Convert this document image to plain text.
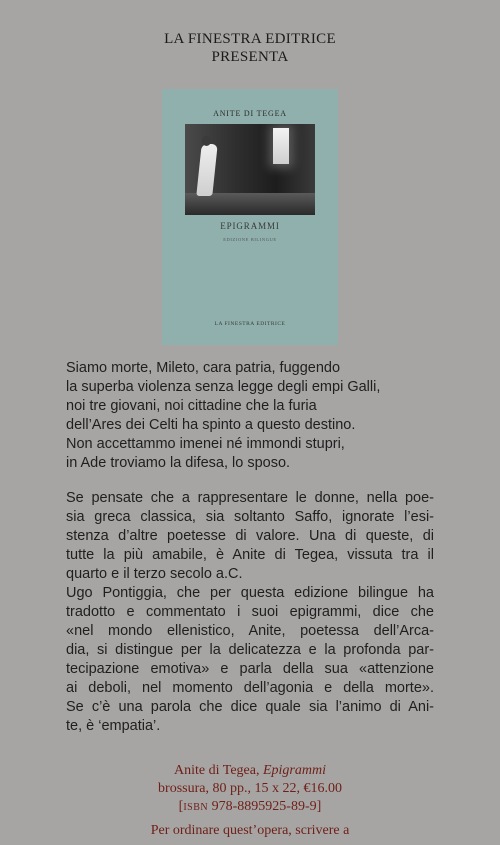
LA FINESTRA EDITRICE
PRESENTA
ANITE DI TEGEA
EPIGRAMMI
EDIZIONE BILINGUE
LA FINESTRA EDITRICE
Siamo morte, Mileto, cara patria, fuggendo
la superba violenza senza legge degli empi Galli,
noi tre giovani, noi cittadine che la furia
dell’Ares dei Celti ha spinto a questo destino.
Non accettammo imenei né immondi stupri,
in Ade troviamo la difesa, lo sposo.
Se pensate che a rappresentare le donne, nella poe-
sia greca classica, sia soltanto Saffo, ignorate l’esi-
stenza d’altre poetesse di valore. Una di queste, di
tutte la più amabile, è Anite di Tegea, vissuta tra il
quarto e il terzo secolo a.C.
Ugo Pontiggia, che per questa edizione bilingue ha
tradotto e commentato i suoi epigrammi, dice che
«nel mondo ellenistico, Anite, poetessa dell’Arca-
dia, si distingue per la delicatezza e la profonda par-
tecipazione emotiva» e parla della sua «attenzione
ai deboli, nel momento dell’agonia e della morte».
Se c’è una parola che dice quale sia l’animo di Ani-
te, è ‘empatia’.
Anite di Tegea, Epigrammi
brossura, 80 pp., 15 x 22, €16.00
[ISBN 978-8895925-89-9]
Per ordinare quest’opera, scrivere a
